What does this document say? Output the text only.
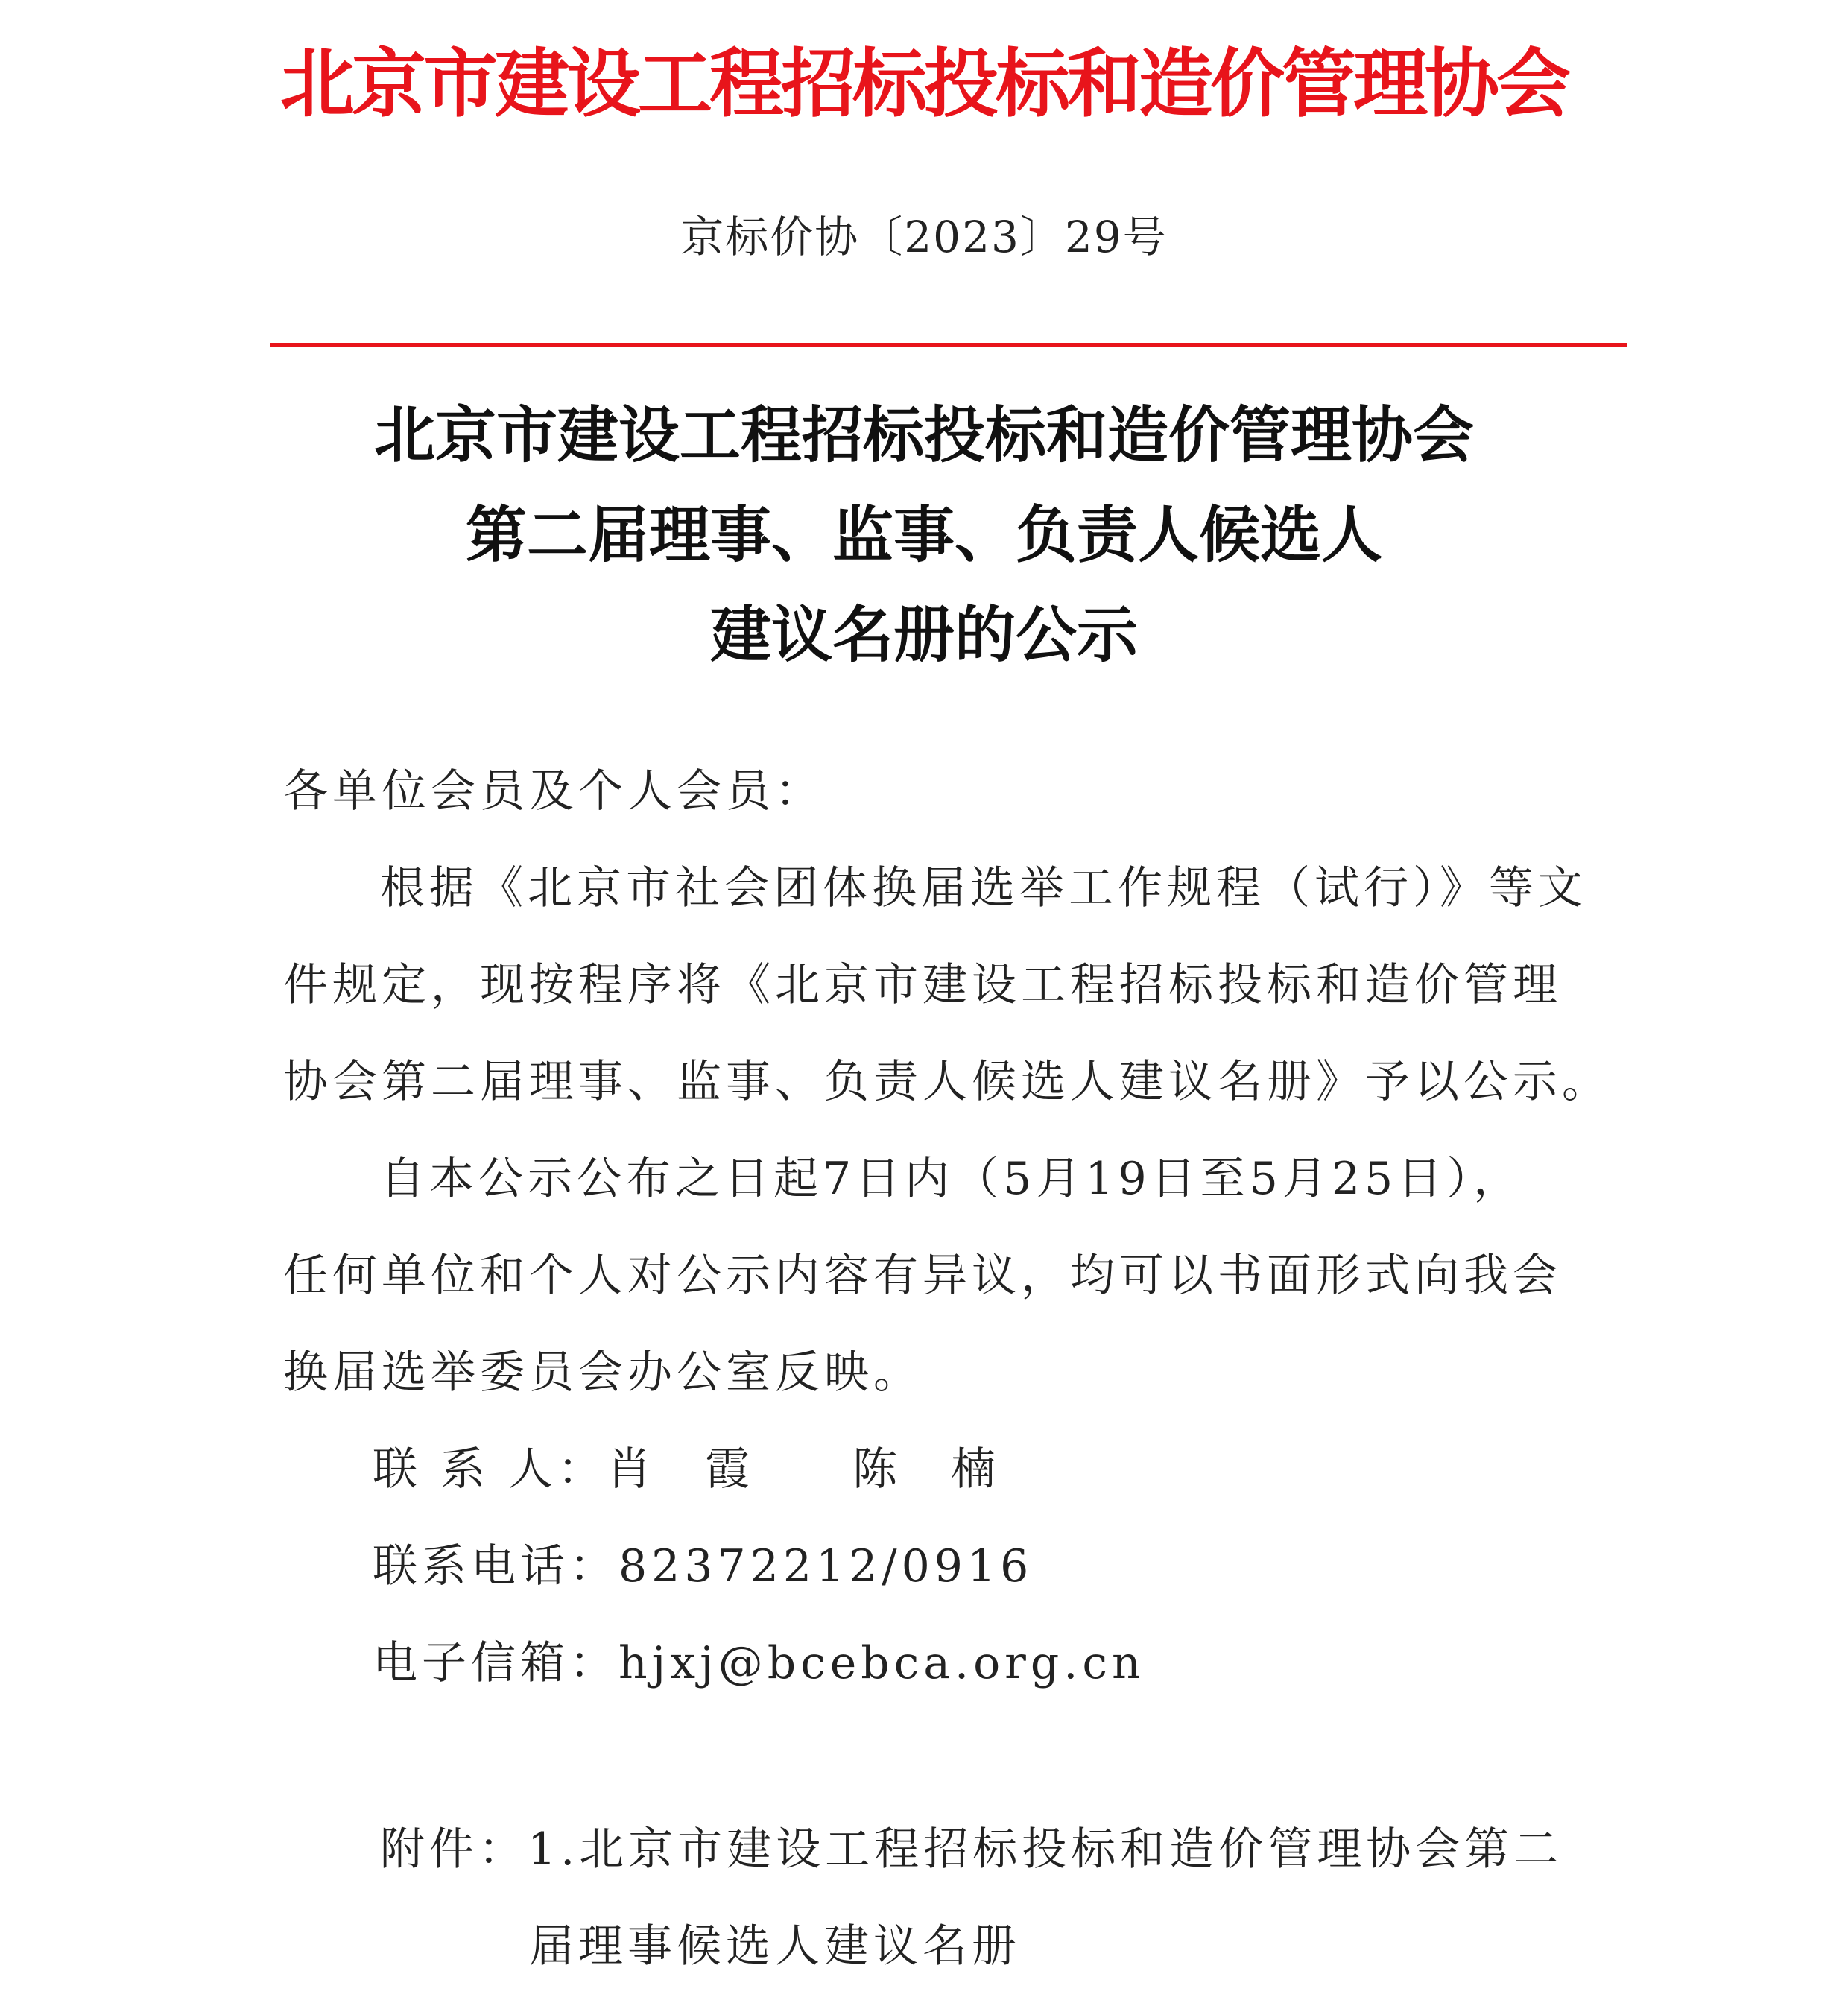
北京市建设工程招标投标和造价管理协会
京标价协〔2023〕29号
北京市建设工程招标投标和造价管理协会
第二届理事、监事、负责人候选人
建议名册的公示
各单位会员及个人会员：
根据《北京市社会团体换届选举工作规程（试行）》等文
件规定，现按程序将《北京市建设工程招标投标和造价管理
协会第二届理事、监事、负责人候选人建议名册》予以公示。
自本公示公布之日起7日内（5月19日至5月25日），
任何单位和个人对公示内容有异议，均可以书面形式向我会
换届选举委员会办公室反映。
联 系 人：肖　霞　　陈　楠
联系电话：82372212/0916
电子信箱：hjxj@bcebca.org.cn
附件：1.北京市建设工程招标投标和造价管理协会第二
届理事候选人建议名册
